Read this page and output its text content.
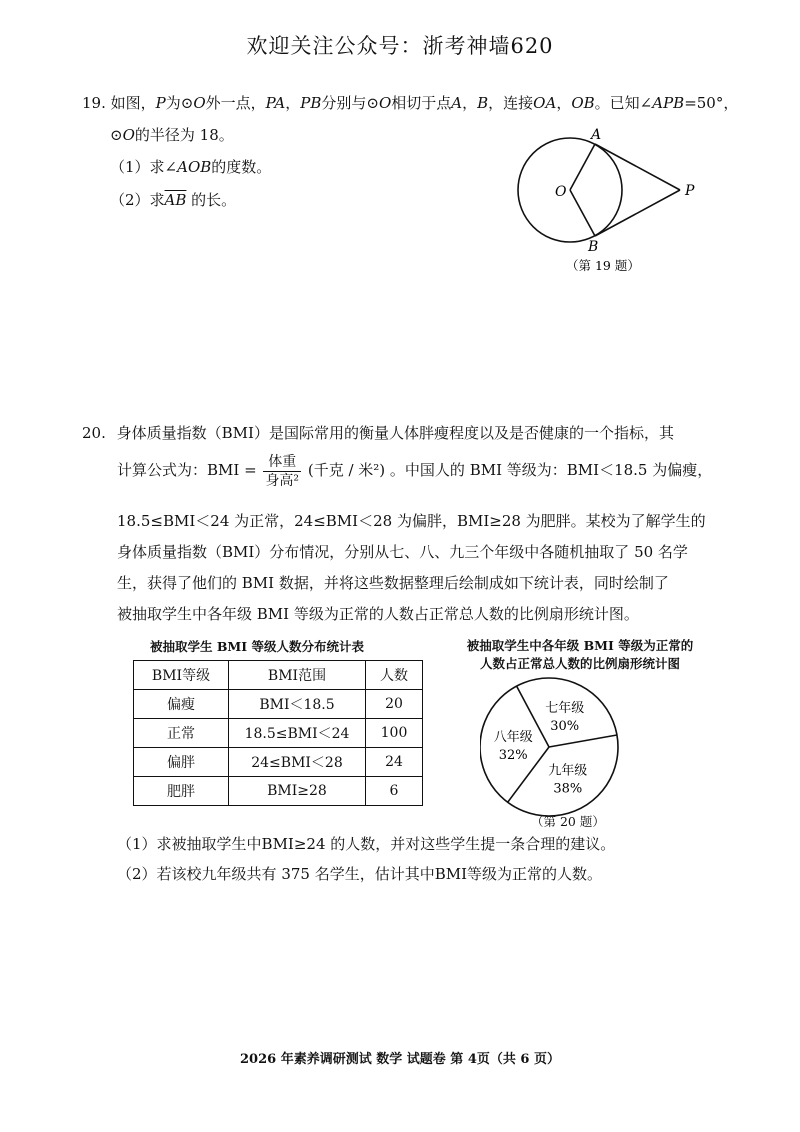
欢迎关注公众号：浙考神墙620
19. 如图，P为⊙O外一点，PA，PB分别与⊙O相切于点A，B，连接OA，OB。已知∠APB=50°，
⊙O的半径为 18。
（1）求∠AOB的度数。
（2）求$\overline{AB}$ 的长。
A
B
O	P
（第 19 题）
20. 身体质量指数（BMI）是国际常用的衡量人体胖瘦程度以及是否健康的一个指标，其
计算公式为：BMI = $\frac{\text{体重}}{\text{身高²}}$ (千克 / 米²) 。中国人的 BMI 等级为：BMI＜18.5 为偏瘦，
18.5≤BMI＜24 为正常，24≤BMI＜28 为偏胖，BMI≥28 为肥胖。某校为了解学生的
身体质量指数（BMI）分布情况，分别从七、八、九三个年级中各随机抽取了 50 名学
生，获得了他们的 BMI 数据，并将这些数据整理后绘制成如下统计表，同时绘制了
被抽取学生中各年级 BMI 等级为正常的人数占正常总人数的比例扇形统计图。
被抽取学生 BMI 等级人数分布统计表
BMI等级	BMI范围	人数
偏瘦	BMI＜18.5	20
正常	18.5≤BMI＜24	100
偏胖	24≤BMI＜28	24
肥胖	BMI≥28	6
被抽取学生中各年级 BMI 等级为正常的
人数占正常总人数的比例扇形统计图
七年级
30%
九年级
38%
八年级
32%
（第 20 题）
（1）求被抽取学生中BMI≥24 的人数，并对这些学生提一条合理的建议。
（2）若该校九年级共有 375 名学生，估计其中BMI等级为正常的人数。
2026 年素养调研测试 数学 试题卷 第 4页（共 6 页）
